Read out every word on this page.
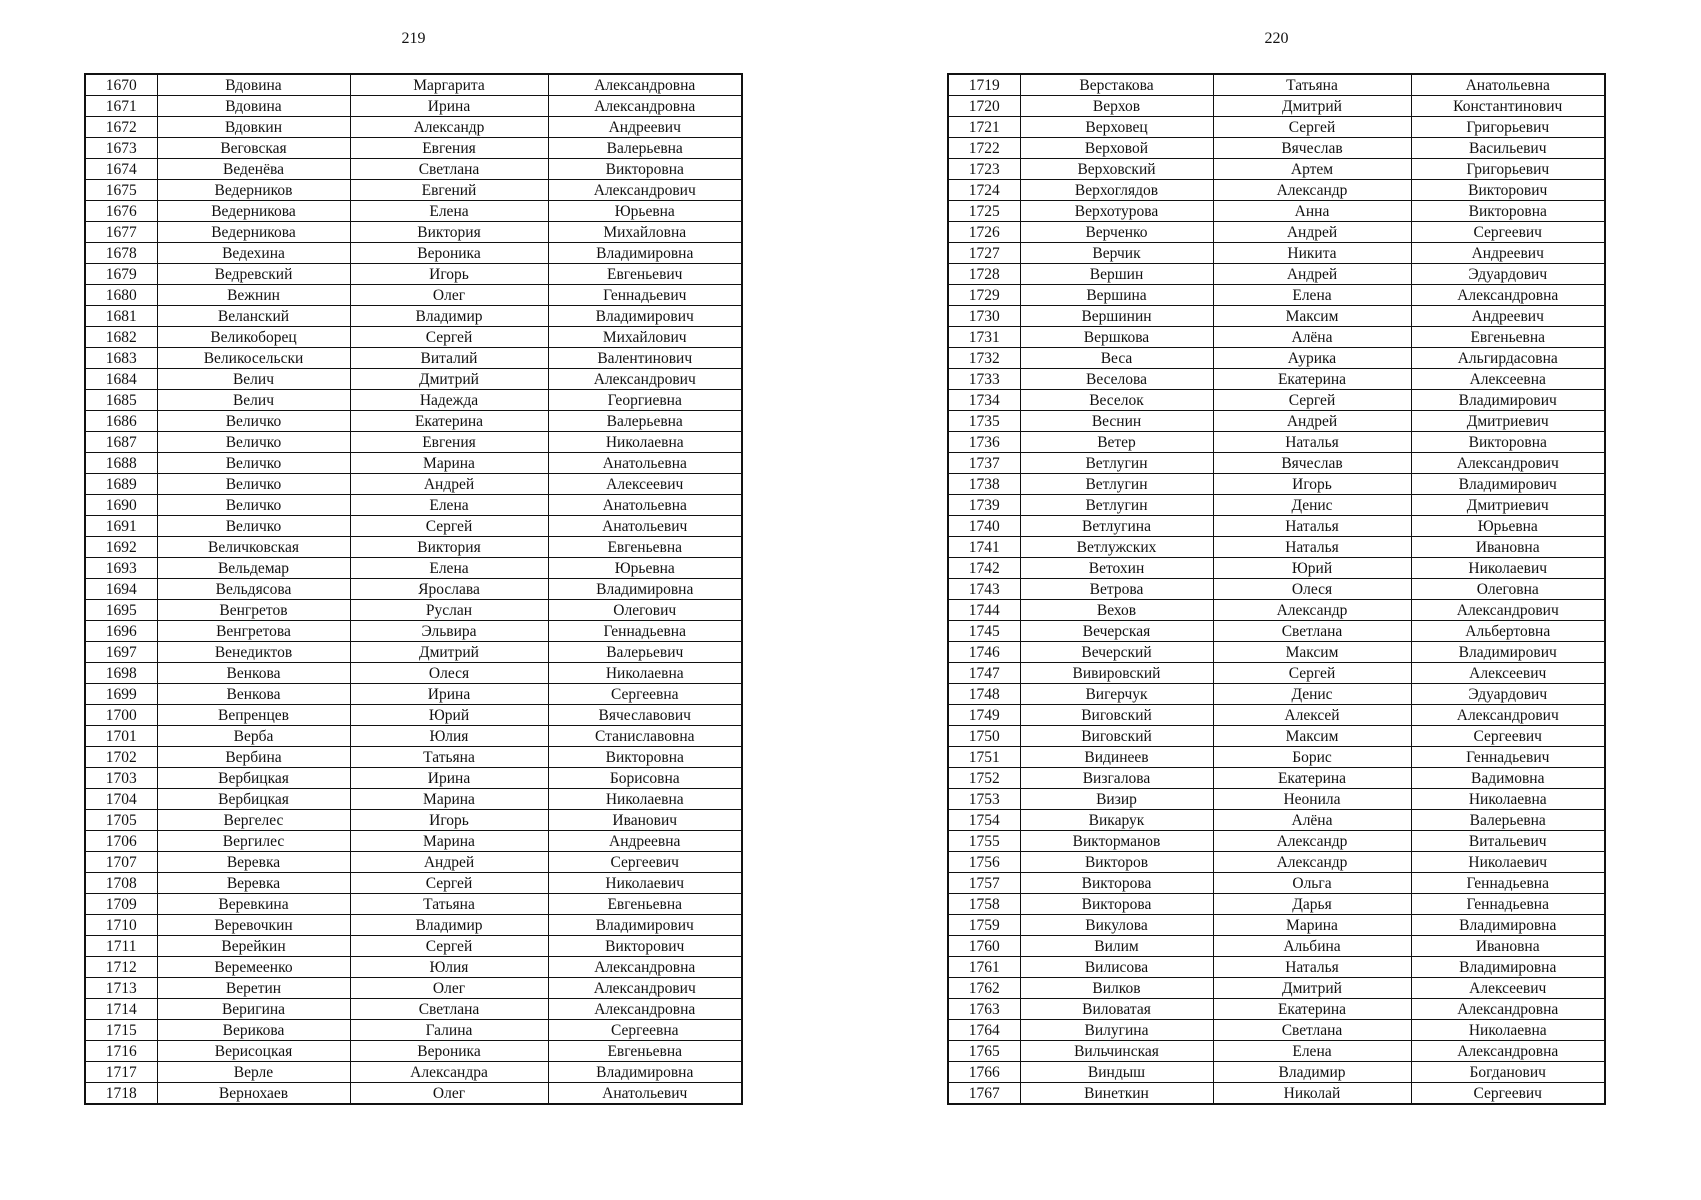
219
1670	Вдовина	Маргарита	Александровна
1671	Вдовина	Ирина	Александровна
1672	Вдовкин	Александр	Андреевич
1673	Веговская	Евгения	Валерьевна
1674	Веденёва	Светлана	Викторовна
1675	Ведерников	Евгений	Александрович
1676	Ведерникова	Елена	Юрьевна
1677	Ведерникова	Виктория	Михайловна
1678	Ведехина	Вероника	Владимировна
1679	Ведревский	Игорь	Евгеньевич
1680	Вежнин	Олег	Геннадьевич
1681	Веланский	Владимир	Владимирович
1682	Великоборец	Сергей	Михайлович
1683	Великосельски	Виталий	Валентинович
1684	Велич	Дмитрий	Александрович
1685	Велич	Надежда	Георгиевна
1686	Величко	Екатерина	Валерьевна
1687	Величко	Евгения	Николаевна
1688	Величко	Марина	Анатольевна
1689	Величко	Андрей	Алексеевич
1690	Величко	Елена	Анатольевна
1691	Величко	Сергей	Анатольевич
1692	Величковская	Виктория	Евгеньевна
1693	Вельдемар	Елена	Юрьевна
1694	Вельдясова	Ярослава	Владимировна
1695	Венгретов	Руслан	Олегович
1696	Венгретова	Эльвира	Геннадьевна
1697	Венедиктов	Дмитрий	Валерьевич
1698	Венкова	Олеся	Николаевна
1699	Венкова	Ирина	Сергеевна
1700	Вепренцев	Юрий	Вячеславович
1701	Верба	Юлия	Станиславовна
1702	Вербина	Татьяна	Викторовна
1703	Вербицкая	Ирина	Борисовна
1704	Вербицкая	Марина	Николаевна
1705	Вергелес	Игорь	Иванович
1706	Вергилес	Марина	Андреевна
1707	Веревка	Андрей	Сергеевич
1708	Веревка	Сергей	Николаевич
1709	Веревкина	Татьяна	Евгеньевна
1710	Веревочкин	Владимир	Владимирович
1711	Верейкин	Сергей	Викторович
1712	Веремеенко	Юлия	Александровна
1713	Веретин	Олег	Александрович
1714	Веригина	Светлана	Александровна
1715	Верикова	Галина	Сергеевна
1716	Верисоцкая	Вероника	Евгеньевна
1717	Верле	Александра	Владимировна
1718	Вернохаев	Олег	Анатольевич
220
1719	Верстакова	Татьяна	Анатольевна
1720	Верхов	Дмитрий	Константинович
1721	Верховец	Сергей	Григорьевич
1722	Верховой	Вячеслав	Васильевич
1723	Верховский	Артем	Григорьевич
1724	Верхоглядов	Александр	Викторович
1725	Верхотурова	Анна	Викторовна
1726	Верченко	Андрей	Сергеевич
1727	Верчик	Никита	Андреевич
1728	Вершин	Андрей	Эдуардович
1729	Вершина	Елена	Александровна
1730	Вершинин	Максим	Андреевич
1731	Вершкова	Алёна	Евгеньевна
1732	Веса	Аурика	Альгирдасовна
1733	Веселова	Екатерина	Алексеевна
1734	Веселок	Сергей	Владимирович
1735	Веснин	Андрей	Дмитриевич
1736	Ветер	Наталья	Викторовна
1737	Ветлугин	Вячеслав	Александрович
1738	Ветлугин	Игорь	Владимирович
1739	Ветлугин	Денис	Дмитриевич
1740	Ветлугина	Наталья	Юрьевна
1741	Ветлужских	Наталья	Ивановна
1742	Ветохин	Юрий	Николаевич
1743	Ветрова	Олеся	Олеговна
1744	Вехов	Александр	Александрович
1745	Вечерская	Светлана	Альбертовна
1746	Вечерский	Максим	Владимирович
1747	Вивировский	Сергей	Алексеевич
1748	Вигерчук	Денис	Эдуардович
1749	Виговский	Алексей	Александрович
1750	Виговский	Максим	Сергеевич
1751	Видинеев	Борис	Геннадьевич
1752	Визгалова	Екатерина	Вадимовна
1753	Визир	Неонила	Николаевна
1754	Викарук	Алёна	Валерьевна
1755	Викторманов	Александр	Витальевич
1756	Викторов	Александр	Николаевич
1757	Викторова	Ольга	Геннадьевна
1758	Викторова	Дарья	Геннадьевна
1759	Викулова	Марина	Владимировна
1760	Вилим	Альбина	Ивановна
1761	Вилисова	Наталья	Владимировна
1762	Вилков	Дмитрий	Алексеевич
1763	Виловатая	Екатерина	Александровна
1764	Вилугина	Светлана	Николаевна
1765	Вильчинская	Елена	Александровна
1766	Виндыш	Владимир	Богданович
1767	Винеткин	Николай	Сергеевич
